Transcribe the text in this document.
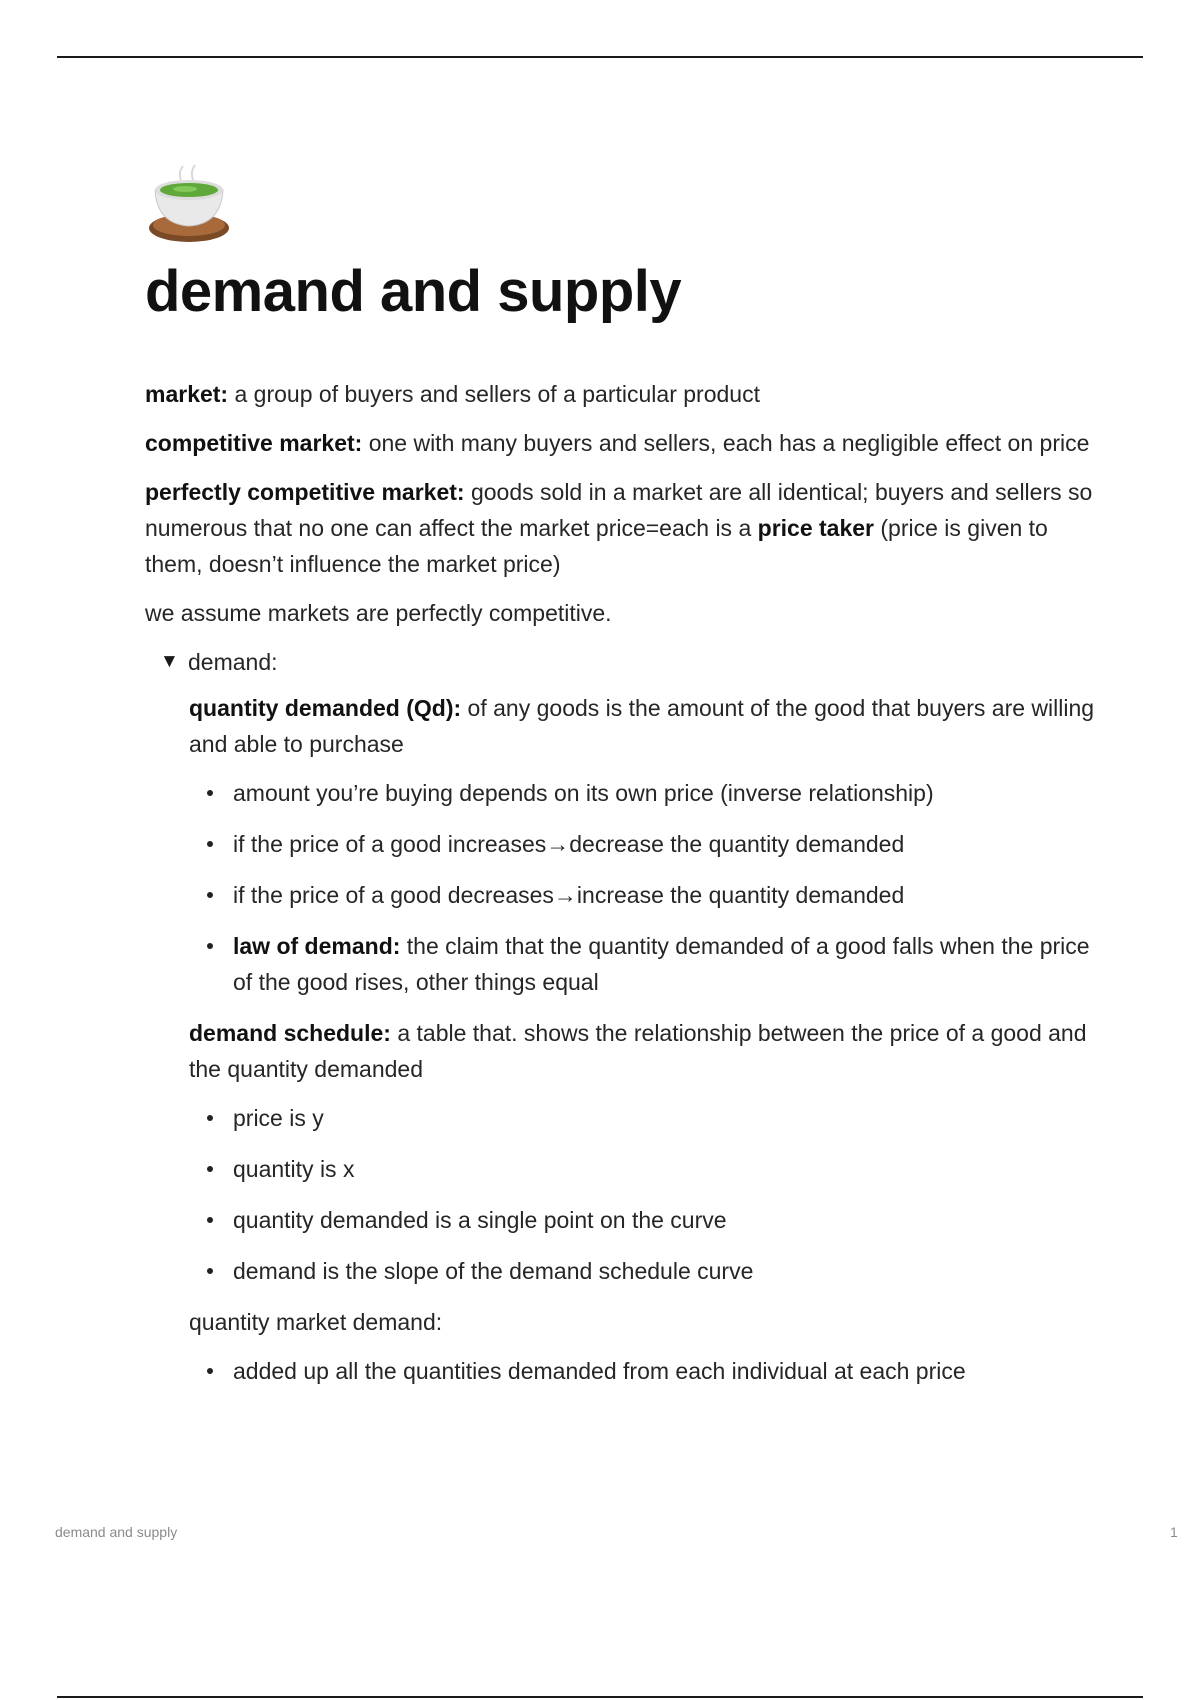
demand and supply

market: a group of buyers and sellers of a particular product

competitive market: one with many buyers and sellers, each has a negligible effect on price

perfectly competitive market: goods sold in a market are all identical; buyers and sellers so numerous that no one can affect the market price=each is a price taker (price is given to them, doesn’t influence the market price)

we assume markets are perfectly competitive.

▼ demand:

quantity demanded (Qd): of any goods is the amount of the good that buyers are willing and able to purchase

amount you’re buying depends on its own price (inverse relationship)
if the price of a good increases→decrease the quantity demanded
if the price of a good decreases→increase the quantity demanded
law of demand: the claim that the quantity demanded of a good falls when the price of the good rises, other things equal

demand schedule: a table that. shows the relationship between the price of a good and the quantity demanded

price is y
quantity is x
quantity demanded is a single point on the curve
demand is the slope of the demand schedule curve

quantity market demand:

added up all the quantities demanded from each individual at each price
demand and supply	1
